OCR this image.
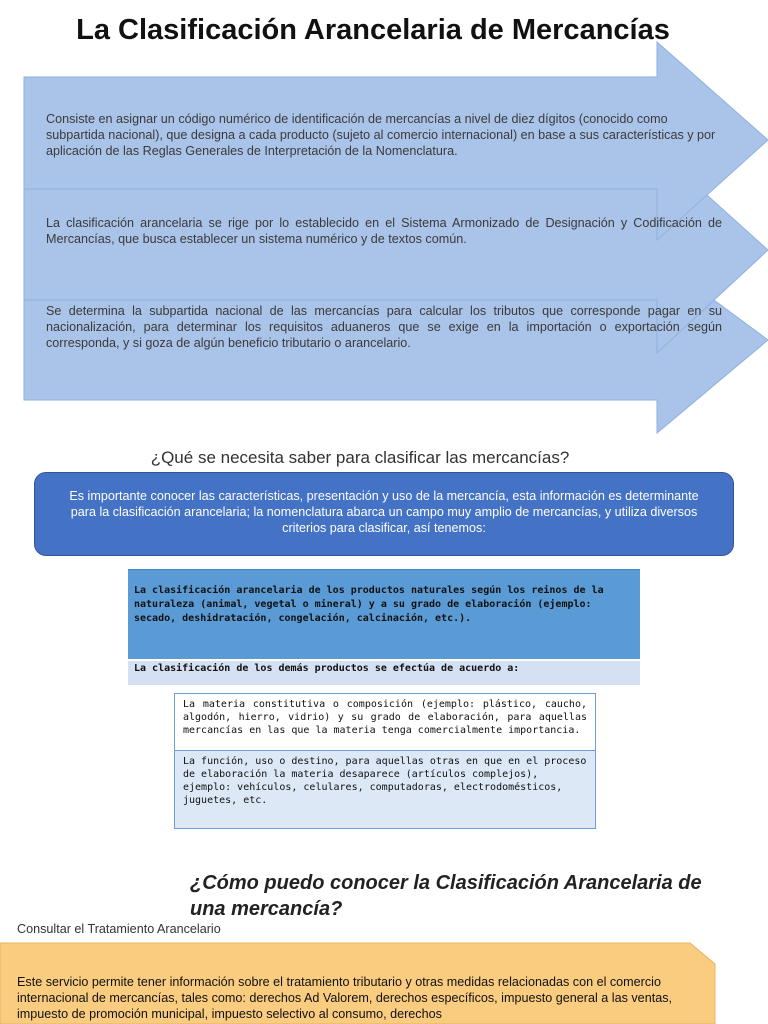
La Clasificación Arancelaria de Mercancías
Consiste en asignar un código numérico de identificación de mercancías a nivel de diez dígitos (conocido como subpartida nacional), que designa a cada producto (sujeto al comercio internacional) en base a sus características y por aplicación de las Reglas Generales de Interpretación de la Nomenclatura.
La clasificación arancelaria se rige por lo establecido en el Sistema Armonizado de Designación y Codificación de Mercancías, que busca establecer un sistema numérico y de textos común.
Se determina la subpartida nacional de las mercancías para calcular los tributos que corresponde pagar en su nacionalización, para determinar los requisitos aduaneros que se exige en la importación o exportación según corresponda, y si goza de algún beneficio tributario o arancelario.
¿Qué se necesita saber para clasificar las mercancías?
Es importante conocer las características, presentación y uso de la mercancía, esta información es determinante para la clasificación arancelaria; la nomenclatura abarca un campo muy amplio de mercancías, y utiliza diversos criterios para clasificar, así tenemos:
La clasificación arancelaria de los productos naturales según los reinos de la naturaleza (animal, vegetal o mineral) y a su grado de elaboración (ejemplo: secado, deshidratación, congelación, calcinación, etc.).
La clasificación de los demás productos se efectúa de acuerdo a:
La materia constitutiva o composición (ejemplo: plástico, caucho, algodón, hierro, vidrio) y su grado de elaboración, para aquellas mercancías en las que la materia tenga comercialmente importancia.
La función, uso o destino, para aquellas otras en que en el proceso de elaboración la materia desaparece (artículos complejos), ejemplo: vehículos, celulares, computadoras, electrodomésticos, juguetes, etc.
¿Cómo puedo conocer la Clasificación Arancelaria de una mercancía?
Consultar el Tratamiento Arancelario
Este servicio permite tener información sobre el tratamiento tributario y otras medidas relacionadas con el comercio internacional de mercancías, tales como: derechos Ad Valorem, derechos específicos, impuesto general a las ventas, impuesto de promoción municipal, impuesto selectivo al consumo, derechos
